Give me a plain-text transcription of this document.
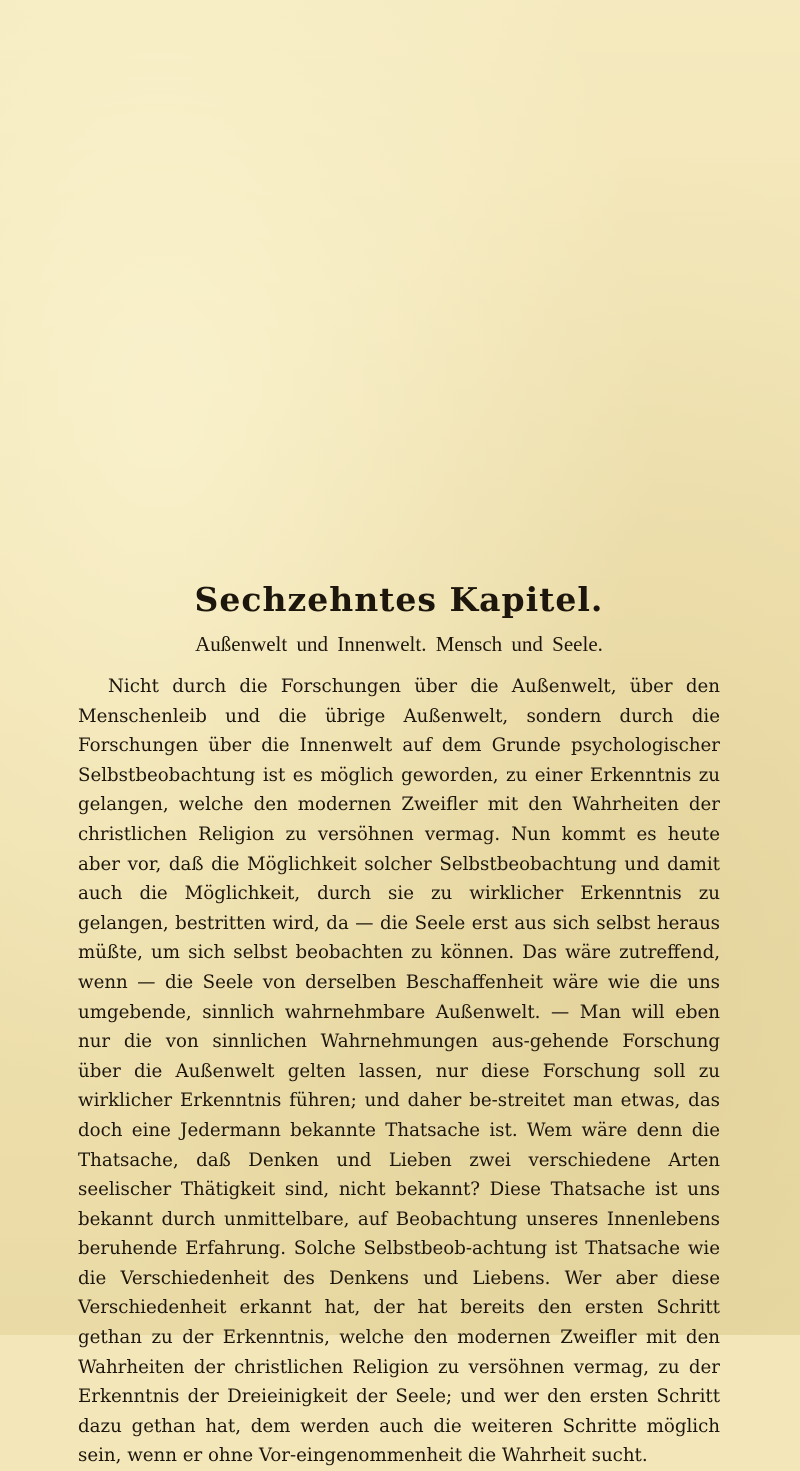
Sechzehntes Kapitel.
Außenwelt und Innenwelt. Mensch und Seele.

Nicht durch die Forschungen über die Außenwelt, über den Menschenleib und die übrige Außenwelt, sondern durch die Forschungen über die Innenwelt auf dem Grunde psychologischer Selbstbeobachtung ist es möglich geworden, zu einer Erkenntnis zu gelangen, welche den modernen Zweifler mit den Wahrheiten der christlichen Religion zu versöhnen vermag. Nun kommt es heute aber vor, daß die Möglichkeit solcher Selbstbeobachtung und damit auch die Möglichkeit, durch sie zu wirklicher Erkenntnis zu gelangen, bestritten wird, da — die Seele erst aus sich selbst heraus müßte, um sich selbst beobachten zu können. Das wäre zutreffend, wenn — die Seele von derselben Beschaffenheit wäre wie die uns umgebende, sinnlich wahrnehmbare Außenwelt. — Man will eben nur die von sinnlichen Wahrnehmungen aus-gehende Forschung über die Außenwelt gelten lassen, nur diese Forschung soll zu wirklicher Erkenntnis führen; und daher be-streitet man etwas, das doch eine Jedermann bekannte Thatsache ist. Wem wäre denn die Thatsache, daß Denken und Lieben zwei verschiedene Arten seelischer Thätigkeit sind, nicht bekannt? Diese Thatsache ist uns bekannt durch unmittelbare, auf Beobachtung unseres Innenlebens beruhende Erfahrung. Solche Selbstbeob-achtung ist Thatsache wie die Verschiedenheit des Denkens und Liebens. Wer aber diese Verschiedenheit erkannt hat, der hat bereits den ersten Schritt gethan zu der Erkenntnis, welche den modernen Zweifler mit den Wahrheiten der christlichen Religion zu versöhnen vermag, zu der Erkenntnis der Dreieinigkeit der Seele; und wer den ersten Schritt dazu gethan hat, dem werden auch die weiteren Schritte möglich sein, wenn er ohne Vor-eingenommenheit die Wahrheit sucht.
